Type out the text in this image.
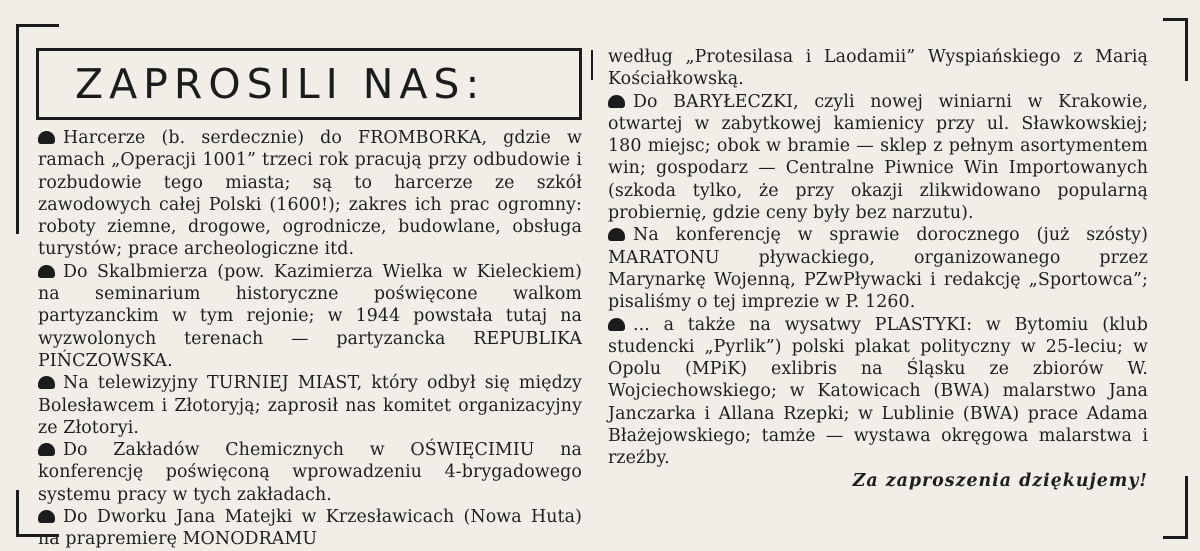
ZAPROSILI NAS:

Harcerze (b. serdecznie) do FROMBORKA, gdzie w ramach „Operacji 1001” trzeci rok pracują przy odbudowie i rozbudowie tego miasta; są to harcerze ze szkół zawodowych całej Polski (1600!); zakres ich prac ogromny: roboty ziemne, drogowe, ogrodnicze, budowlane, obsługa turystów; prace archeologiczne itd.

Do Skalbmierza (pow. Kazimierza Wielka w Kieleckiem) na seminarium historyczne poświęcone walkom partyzanckim w tym rejonie; w 1944 powstała tutaj na wyzwolonych terenach — partyzancka REPUBLIKA PIŃCZOWSKA.

Na telewizyjny TURNIEJ MIAST, który odbył się między Bolesławcem i Złotoryją; zaprosił nas komitet organizacyjny ze Złotoryi.

Do Zakładów Chemicznych w OŚWIĘCIMIU na konferencję poświęconą wprowadzeniu 4-brygadowego systemu pracy w tych zakładach.

Do Dworku Jana Matejki w Krzesławicach (Nowa Huta) na prapremierę MONODRAMU

według „Protesilasa i Laodamii” Wyspiańskiego z Marią Kościałkowską.

Do BARYŁECZKI, czyli nowej winiarni w Krakowie, otwartej w zabytkowej kamienicy przy ul. Sławkowskiej; 180 miejsc; obok w bramie — sklep z pełnym asortymentem win; gospodarz — Centralne Piwnice Win Importowanych (szkoda tylko, że przy okazji zlikwidowano popularną probiernię, gdzie ceny były bez narzutu).

Na konferencję w sprawie dorocznego (już szósty) MARATONU pływackiego, organizowanego przez Marynarkę Wojenną, PZwPływacki i redakcję „Sportowca”; pisaliśmy o tej imprezie w P. 1260.

... a także na wysatwy PLASTYKI: w Bytomiu (klub studencki „Pyrlik”) polski plakat polityczny w 25-leciu; w Opolu (MPiK) exlibris na Śląsku ze zbiorów W. Wojciechowskiego; w Katowicach (BWA) malarstwo Jana Janczarka i Allana Rzepki; w Lublinie (BWA) prace Adama Błażejowskiego; tamże — wystawa okręgowa malarstwa i rzeźby.

Za zaproszenia dziękujemy!
